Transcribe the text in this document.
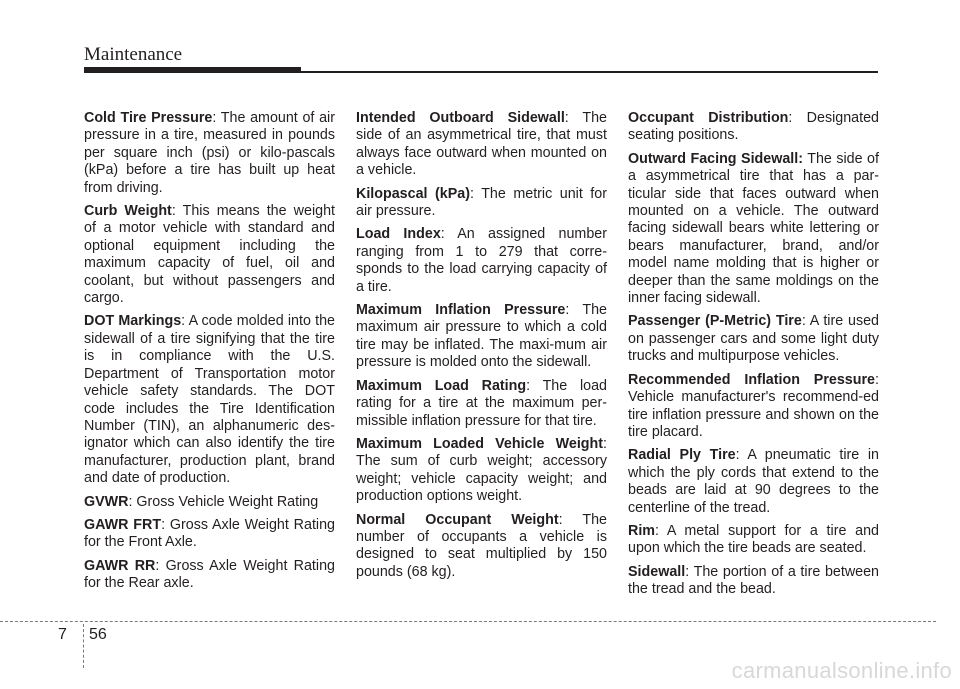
Maintenance

Cold Tire Pressure: The amount of air pressure in a tire, measured in pounds per square inch (psi) or kilo-pascals (kPa) before a tire has built up heat from driving.

Curb Weight: This means the weight of a motor vehicle with standard and optional equipment including the maximum capacity of fuel, oil and coolant, but without passengers and cargo.

DOT Markings: A code molded into the sidewall of a tire signifying that the tire is in compliance with the U.S. Department of Transportation motor vehicle safety standards. The DOT code includes the Tire Identification Number (TIN), an alphanumeric des-ignator which can also identify the tire manufacturer, production plant, brand and date of production.

GVWR: Gross Vehicle Weight Rating

GAWR FRT: Gross Axle Weight Rating for the Front Axle.

GAWR RR: Gross Axle Weight Rating for the Rear axle.

Intended Outboard Sidewall: The side of an asymmetrical tire, that must always face outward when mounted on a vehicle.

Kilopascal (kPa): The metric unit for air pressure.

Load Index: An assigned number ranging from 1 to 279 that corre-sponds to the load carrying capacity of a tire.

Maximum Inflation Pressure: The maximum air pressure to which a cold tire may be inflated. The maxi-mum air pressure is molded onto the sidewall.

Maximum Load Rating: The load rating for a tire at the maximum per-missible inflation pressure for that tire.

Maximum Loaded Vehicle Weight: The sum of curb weight; accessory weight; vehicle capacity weight; and production options weight.

Normal Occupant Weight: The number of occupants a vehicle is designed to seat multiplied by 150 pounds (68 kg).

Occupant Distribution: Designated seating positions.

Outward Facing Sidewall: The side of a asymmetrical tire that has a par-ticular side that faces outward when mounted on a vehicle. The outward facing sidewall bears white lettering or bears manufacturer, brand, and/or model name molding that is higher or deeper than the same moldings on the inner facing sidewall.

Passenger (P-Metric) Tire: A tire used on passenger cars and some light duty trucks and multipurpose vehicles.

Recommended Inflation Pressure: Vehicle manufacturer's recommend-ed tire inflation pressure and shown on the tire placard.

Radial Ply Tire: A pneumatic tire in which the ply cords that extend to the beads are laid at 90 degrees to the centerline of the tread.

Rim: A metal support for a tire and upon which the tire beads are seated.

Sidewall: The portion of a tire between the tread and the bead.

7 56
carmanualsonline.info
